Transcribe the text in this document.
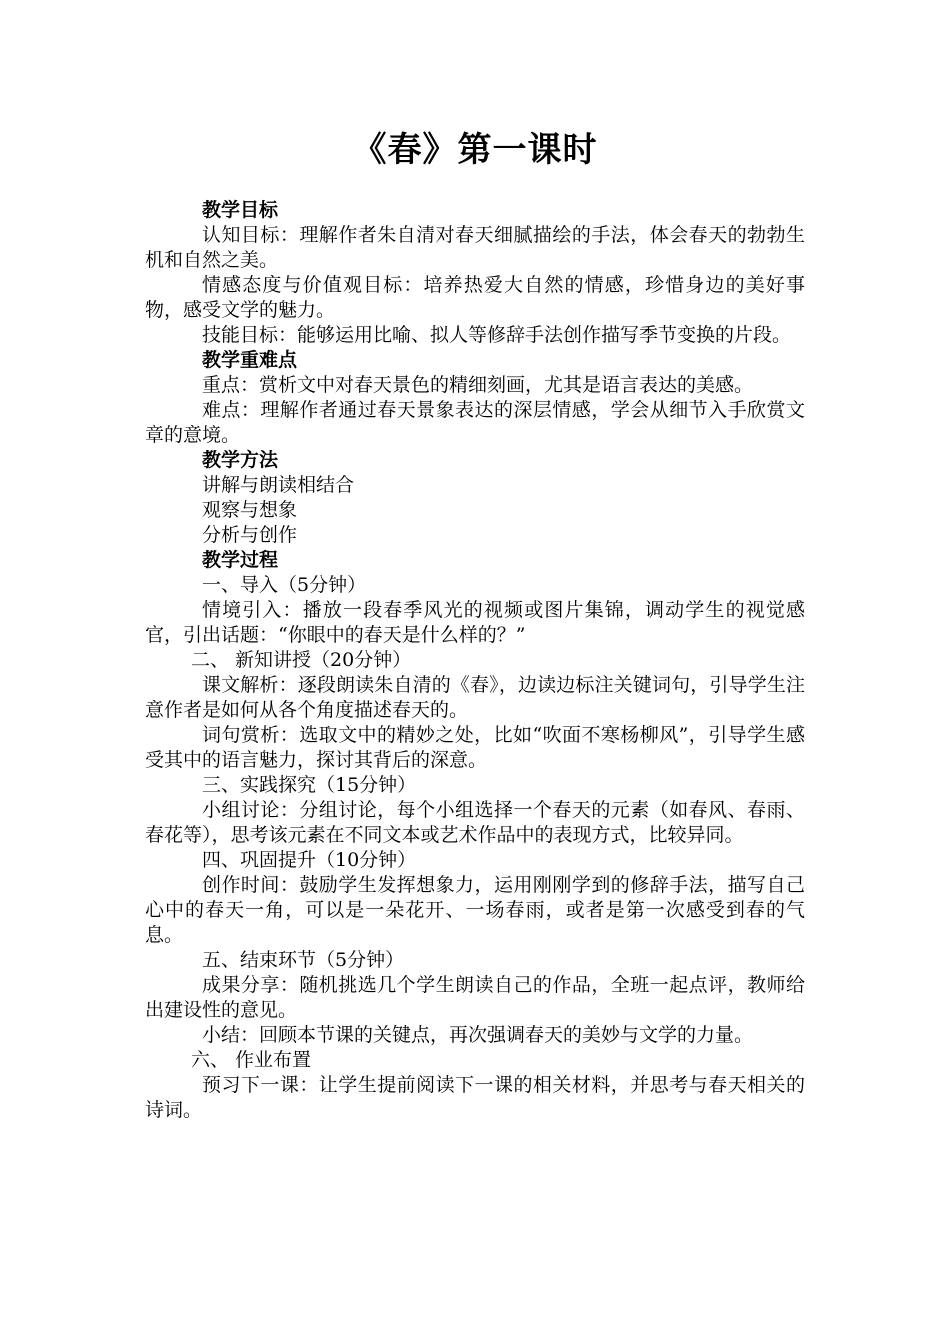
《春》第一课时

教学目标

认知目标：理解作者朱自清对春天细腻描绘的手法，体会春天的勃勃生机和自然之美。

情感态度与价值观目标：培养热爱大自然的情感，珍惜身边的美好事物，感受文学的魅力。

技能目标：能够运用比喻、拟人等修辞手法创作描写季节变换的片段。

教学重难点

重点：赏析文中对春天景色的精细刻画，尤其是语言表达的美感。

难点：理解作者通过春天景象表达的深层情感，学会从细节入手欣赏文章的意境。

教学方法

讲解与朗读相结合

观察与想象

分析与创作

教学过程

一、导入（5分钟）

情境引入：播放一段春季风光的视频或图片集锦，调动学生的视觉感官，引出话题：“你眼中的春天是什么样的？”

二、 新知讲授（20分钟）

课文解析：逐段朗读朱自清的《春》，边读边标注关键词句，引导学生注意作者是如何从各个角度描述春天的。

词句赏析：选取文中的精妙之处，比如“吹面不寒杨柳风”，引导学生感受其中的语言魅力，探讨其背后的深意。

三、实践探究（15分钟）

小组讨论：分组讨论，每个小组选择一个春天的元素（如春风、春雨、春花等），思考该元素在不同文本或艺术作品中的表现方式，比较异同。

四、巩固提升（10分钟）

创作时间：鼓励学生发挥想象力，运用刚刚学到的修辞手法，描写自己心中的春天一角，可以是一朵花开、一场春雨，或者是第一次感受到春的气息。

五、结束环节（5分钟）

成果分享：随机挑选几个学生朗读自己的作品，全班一起点评，教师给出建设性的意见。

小结：回顾本节课的关键点，再次强调春天的美妙与文学的力量。

六、 作业布置

预习下一课：让学生提前阅读下一课的相关材料，并思考与春天相关的诗词。
